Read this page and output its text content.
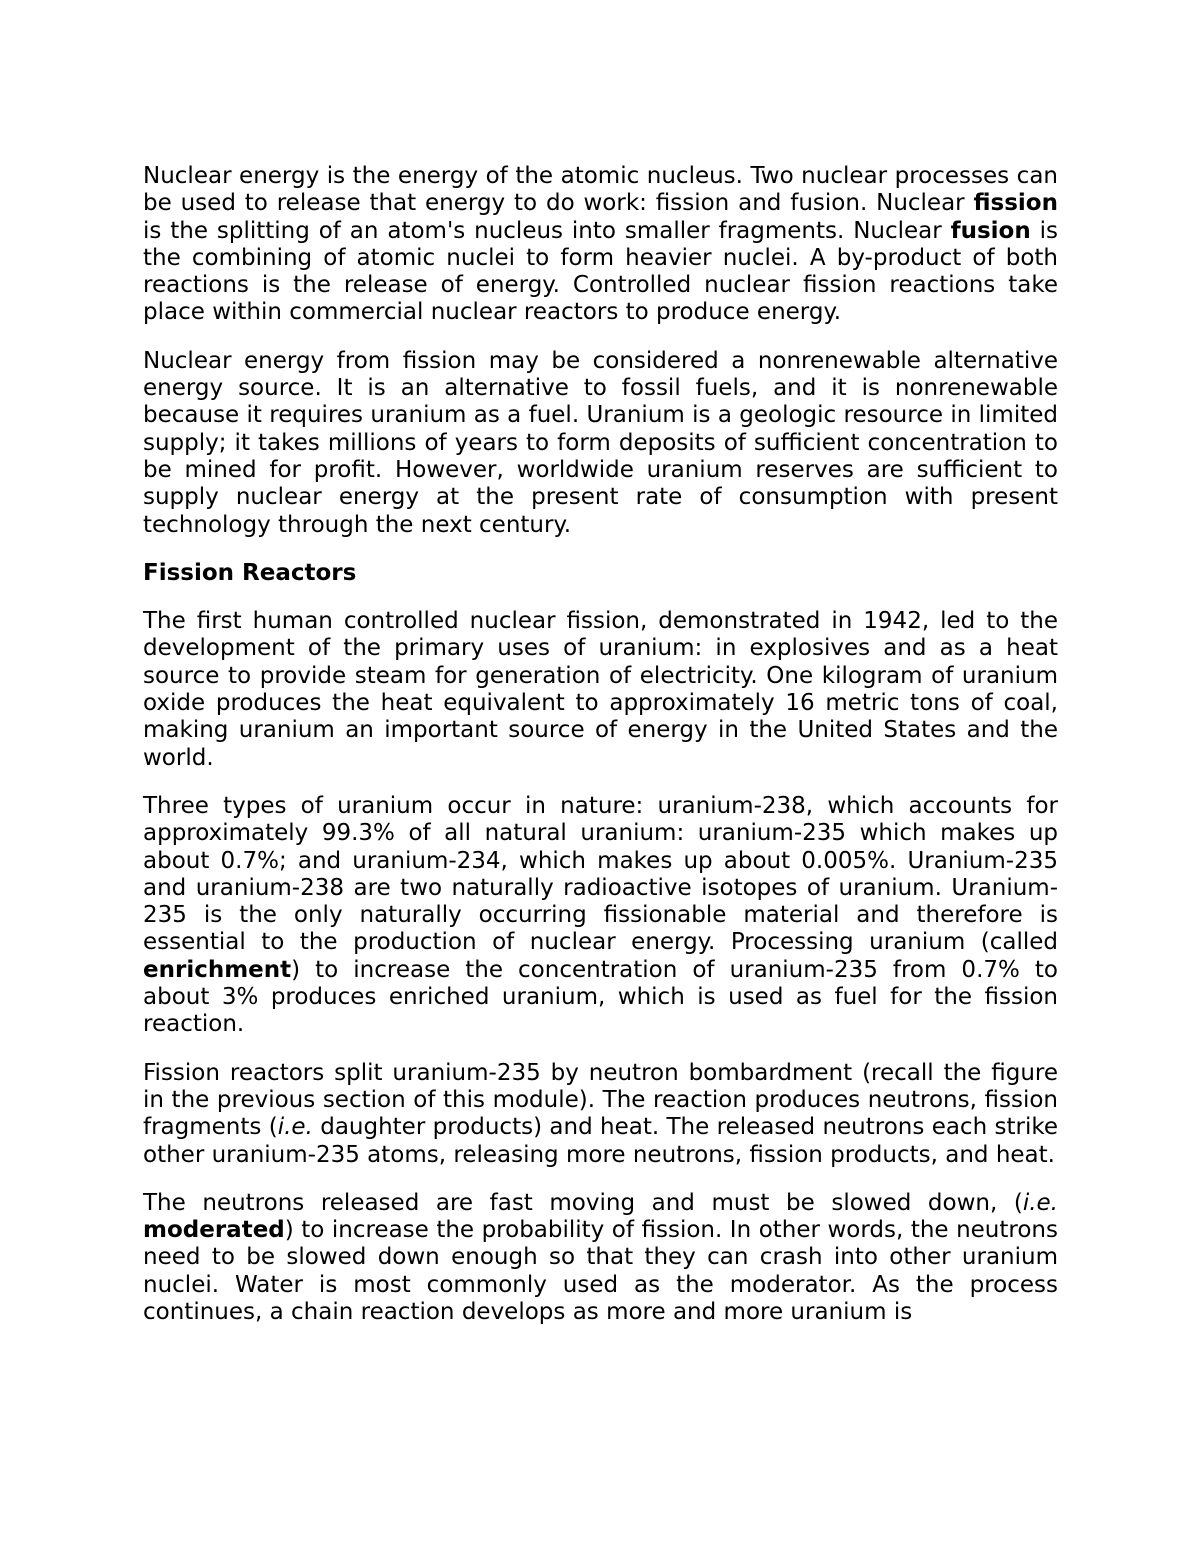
Nuclear energy is the energy of the atomic nucleus. Two nuclear processes can be used to release that energy to do work: fission and fusion. Nuclear fission is the splitting of an atom's nucleus into smaller fragments. Nuclear fusion is the combining of atomic nuclei to form heavier nuclei. A by-product of both reactions is the release of energy. Controlled nuclear fission reactions take place within commercial nuclear reactors to produce energy.

Nuclear energy from fission may be considered a nonrenewable alternative energy source. It is an alternative to fossil fuels, and it is nonrenewable because it requires uranium as a fuel. Uranium is a geologic resource in limited supply; it takes millions of years to form deposits of sufficient concentration to be mined for profit. However, worldwide uranium reserves are sufficient to supply nuclear energy at the present rate of consumption with present technology through the next century.

Fission Reactors

The first human controlled nuclear fission, demonstrated in 1942, led to the development of the primary uses of uranium: in explosives and as a heat source to provide steam for generation of electricity. One kilogram of uranium oxide produces the heat equivalent to approximately 16 metric tons of coal, making uranium an important source of energy in the United States and the world.

Three types of uranium occur in nature: uranium-238, which accounts for approximately 99.3% of all natural uranium: uranium-235 which makes up about 0.7%; and uranium-234, which makes up about 0.005%. Uranium-235 and uranium-238 are two naturally radioactive isotopes of uranium. Uranium-235 is the only naturally occurring fissionable material and therefore is essential to the production of nuclear energy. Processing uranium (called enrichment) to increase the concentration of uranium-235 from 0.7% to about 3% produces enriched uranium, which is used as fuel for the fission reaction.

Fission reactors split uranium-235 by neutron bombardment (recall the figure in the previous section of this module). The reaction produces neutrons, fission fragments (i.e. daughter products) and heat. The released neutrons each strike other uranium-235 atoms, releasing more neutrons, fission products, and heat.

The neutrons released are fast moving and must be slowed down, (i.e. moderated) to increase the probability of fission. In other words, the neutrons need to be slowed down enough so that they can crash into other uranium nuclei. Water is most commonly used as the moderator. As the process continues, a chain reaction develops as more and more uranium is
